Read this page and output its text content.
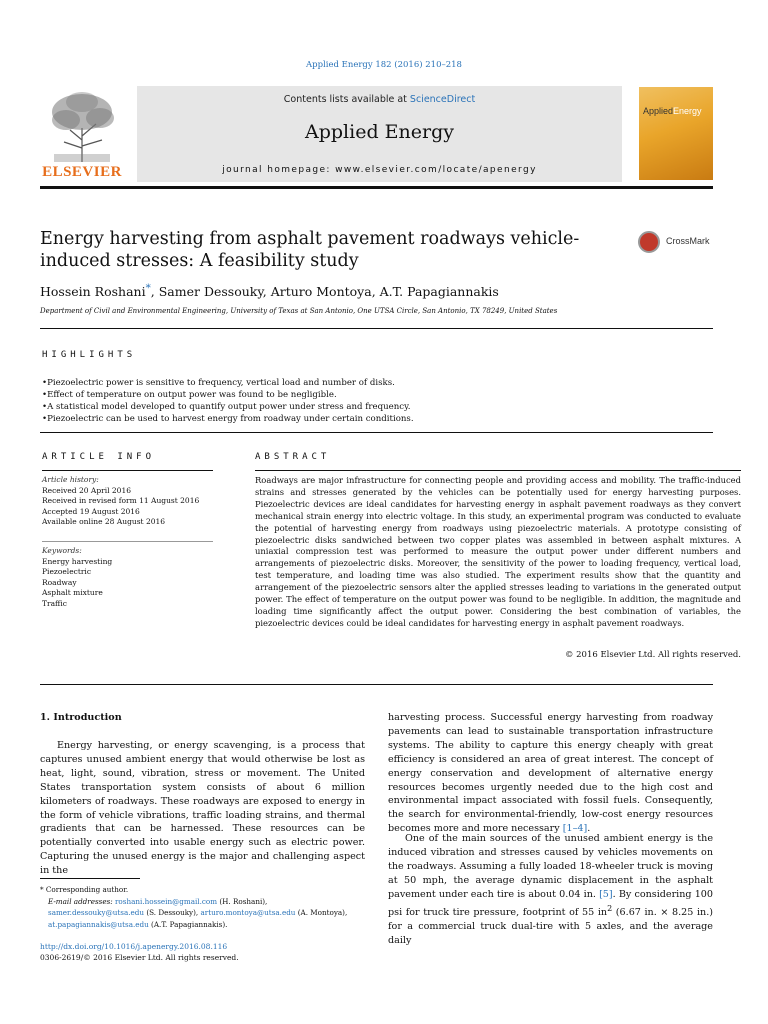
Applied Energy 182 (2016) 210–218
ELSEVIER
Contents lists available at ScienceDirect
Applied Energy
journal homepage: www.elsevier.com/locate/apenergy
AppliedEnergy
Energy harvesting from asphalt pavement roadways vehicle-induced stresses: A feasibility study
CrossMark
Hossein Roshani*, Samer Dessouky, Arturo Montoya, A.T. Papagiannakis
Department of Civil and Environmental Engineering, University of Texas at San Antonio, One UTSA Circle, San Antonio, TX 78249, United States
HIGHLIGHTS
• Piezoelectric power is sensitive to frequency, vertical load and number of disks.
• Effect of temperature on output power was found to be negligible.
• A statistical model developed to quantify output power under stress and frequency.
• Piezoelectric can be used to harvest energy from roadway under certain conditions.
ARTICLE INFO
Article history:
Received 20 April 2016
Received in revised form 11 August 2016
Accepted 19 August 2016
Available online 28 August 2016
Keywords:
Energy harvesting
Piezoelectric
Roadway
Asphalt mixture
Traffic
ABSTRACT
Roadways are major infrastructure for connecting people and providing access and mobility. The traffic-induced strains and stresses generated by the vehicles can be potentially used for energy harvesting purposes. Piezoelectric devices are ideal candidates for harvesting energy in asphalt pavement roadways as they convert mechanical strain energy into electric voltage. In this study, an experimental program was conducted to evaluate the potential of harvesting energy from roadways using piezoelectric materials. A prototype consisting of piezoelectric disks sandwiched between two copper plates was assembled in between asphalt mixtures. A uniaxial compression test was performed to measure the output power under different numbers and arrangements of piezoelectric disks. Moreover, the sensitivity of the power to loading frequency, vertical load, test temperature, and loading time was also studied. The experiment results show that the quantity and arrangement of the piezoelectric sensors alter the applied stresses leading to variations in the generated output power. The effect of temperature on the output power was found to be negligible. In addition, the magnitude and loading time significantly affect the output power. Considering the best combination of variables, the piezoelectric devices could be ideal candidates for harvesting energy in asphalt pavement roadways.
© 2016 Elsevier Ltd. All rights reserved.
1. Introduction
Energy harvesting, or energy scavenging, is a process that captures unused ambient energy that would otherwise be lost as heat, light, sound, vibration, stress or movement. The United States transportation system consists of about 6 million kilometers of roadways. These roadways are exposed to energy in the form of vehicle vibrations, traffic loading strains, and thermal gradients that can be harnessed. These resources can be potentially converted into usable energy such as electric power. Capturing the unused energy is the major and challenging aspect in the
harvesting process. Successful energy harvesting from roadway pavements can lead to sustainable transportation infrastructure systems. The ability to capture this energy cheaply with great efficiency is considered an area of great interest. The concept of energy conservation and development of alternative energy resources becomes urgently needed due to the high cost and environmental impact associated with fossil fuels. Consequently, the search for environmental-friendly, low-cost energy resources becomes more and more necessary [1–4].
One of the main sources of the unused ambient energy is the induced vibration and stresses caused by vehicles movements on the roadways. Assuming a fully loaded 18-wheeler truck is moving at 50 mph, the average dynamic displacement in the asphalt pavement under each tire is about 0.04 in. [5]. By considering 100 psi for truck tire pressure, footprint of 55 $in^2$ (6.67 in. × 8.25 in.) for a commercial truck dual-tire with 5 axles, and the average daily
* Corresponding author.
E-mail addresses: roshani.hossein@gmail.com (H. Roshani), samer.dessouky@utsa.edu (S. Dessouky), arturo.montoya@utsa.edu (A. Montoya), at.papagiannakis@utsa.edu (A.T. Papagiannakis).
http://dx.doi.org/10.1016/j.apenergy.2016.08.116
0306-2619/© 2016 Elsevier Ltd. All rights reserved.
